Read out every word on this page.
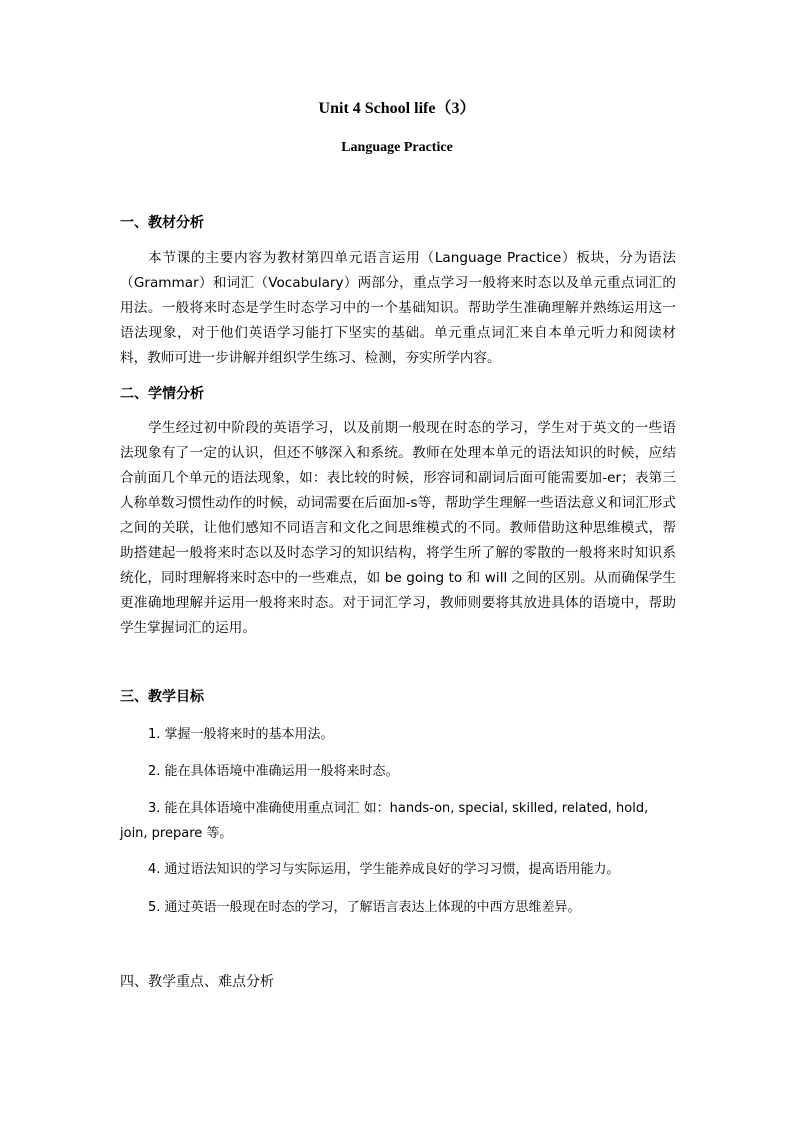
Unit 4 School life（3）
Language Practice
一、教材分析
本节课的主要内容为教材第四单元语言运用（Language Practice）板块，分为语法（Grammar）和词汇（Vocabulary）两部分，重点学习一般将来时态以及单元重点词汇的用法。一般将来时态是学生时态学习中的一个基础知识。帮助学生准确理解并熟练运用这一语法现象，对于他们英语学习能打下坚实的基础。单元重点词汇来自本单元听力和阅读材料，教师可进一步讲解并组织学生练习、检测，夯实所学内容。
二、学情分析
学生经过初中阶段的英语学习，以及前期一般现在时态的学习，学生对于英文的一些语法现象有了一定的认识，但还不够深入和系统。教师在处理本单元的语法知识的时候，应结合前面几个单元的语法现象，如：表比较的时候，形容词和副词后面可能需要加-er；表第三人称单数习惯性动作的时候，动词需要在后面加-s等，帮助学生理解一些语法意义和词汇形式之间的关联，让他们感知不同语言和文化之间思维模式的不同。教师借助这种思维模式，帮助搭建起一般将来时态以及时态学习的知识结构，将学生所了解的零散的一般将来时知识系统化，同时理解将来时态中的一些难点，如 be going to 和 will 之间的区别。从而确保学生更准确地理解并运用一般将来时态。对于词汇学习，教师则要将其放进具体的语境中，帮助学生掌握词汇的运用。
三、教学目标
1. 掌握一般将来时的基本用法。
2. 能在具体语境中准确运用一般将来时态。
3. 能在具体语境中准确使用重点词汇 如：hands-on, special, skilled, related, hold, join, prepare 等。
4. 通过语法知识的学习与实际运用，学生能养成良好的学习习惯，提高语用能力。
5. 通过英语一般现在时态的学习，了解语言表达上体现的中西方思维差异。
四、教学重点、难点分析
